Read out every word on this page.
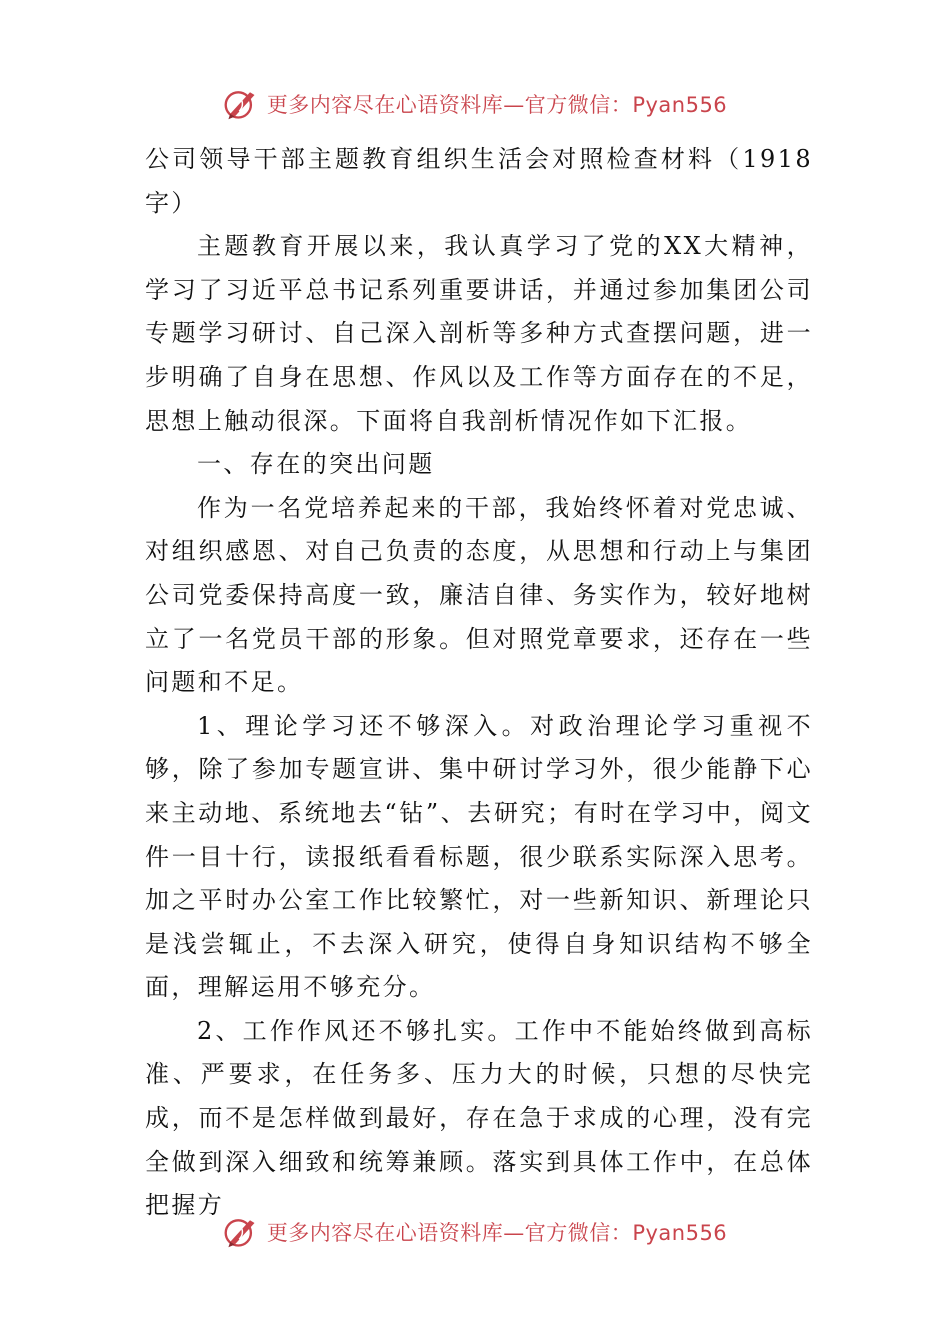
更多内容尽在心语资料库—官方微信：Pyan556

公司领导干部主题教育组织生活会对照检查材料（1918字）

主题教育开展以来，我认真学习了党的XX大精神，学习了习近平总书记系列重要讲话，并通过参加集团公司专题学习研讨、自己深入剖析等多种方式查摆问题，进一步明确了自身在思想、作风以及工作等方面存在的不足，思想上触动很深。下面将自我剖析情况作如下汇报。

一、存在的突出问题

作为一名党培养起来的干部，我始终怀着对党忠诚、对组织感恩、对自己负责的态度，从思想和行动上与集团公司党委保持高度一致，廉洁自律、务实作为，较好地树立了一名党员干部的形象。但对照党章要求，还存在一些问题和不足。

1、理论学习还不够深入。对政治理论学习重视不够，除了参加专题宣讲、集中研讨学习外，很少能静下心来主动地、系统地去“钻”、去研究；有时在学习中，阅文件一目十行，读报纸看看标题，很少联系实际深入思考。加之平时办公室工作比较繁忙，对一些新知识、新理论只是浅尝辄止，不去深入研究，使得自身知识结构不够全面，理解运用不够充分。

2、工作作风还不够扎实。工作中不能始终做到高标准、严要求，在任务多、压力大的时候，只想的尽快完成，而不是怎样做到最好，存在急于求成的心理，没有完全做到深入细致和统筹兼顾。落实到具体工作中，在总体把握方

更多内容尽在心语资料库—官方微信：Pyan556
